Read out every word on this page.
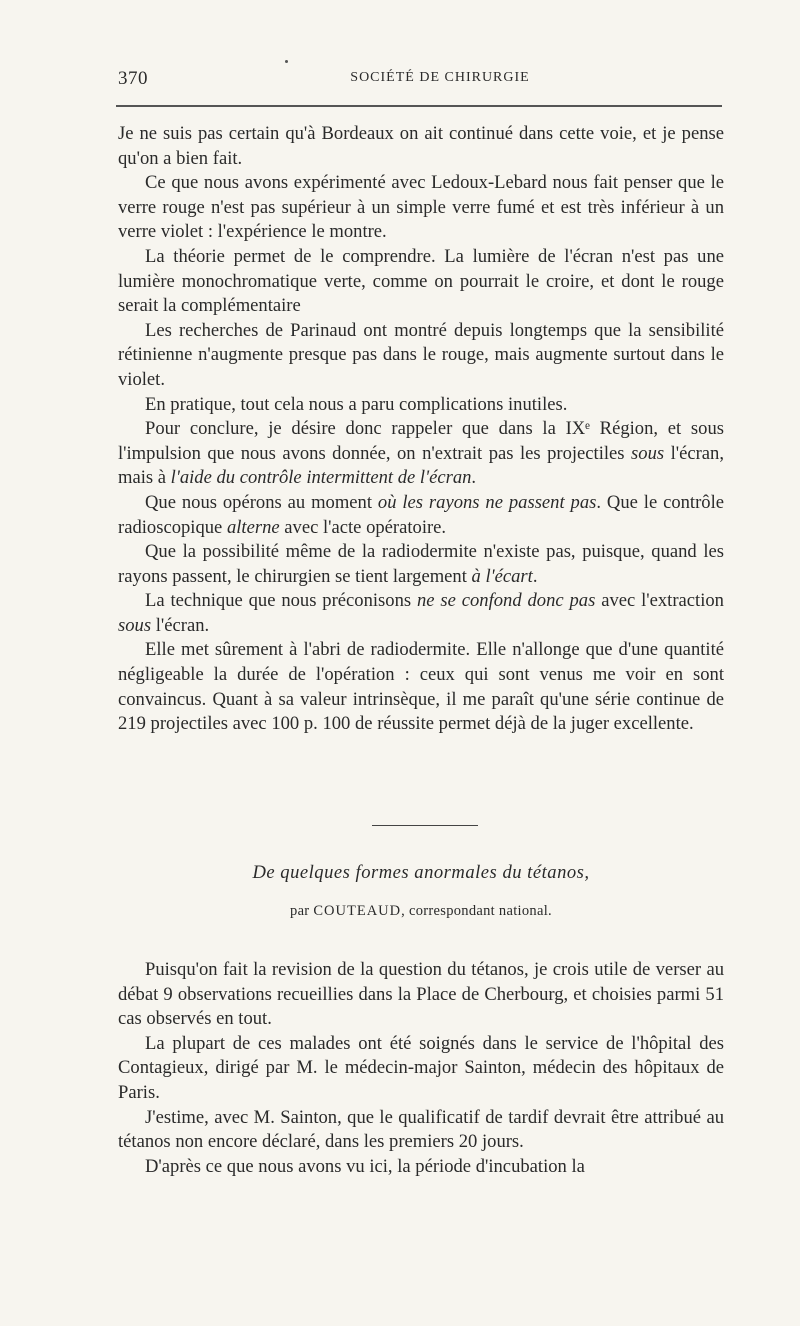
370	SOCIÉTÉ DE CHIRURGIE

Je ne suis pas certain qu'à Bordeaux on ait continué dans cette voie, et je pense qu'on a bien fait.

Ce que nous avons expérimenté avec Ledoux-Lebard nous fait penser que le verre rouge n'est pas supérieur à un simple verre fumé et est très inférieur à un verre violet : l'expérience le montre.

La théorie permet de le comprendre. La lumière de l'écran n'est pas une lumière monochromatique verte, comme on pourrait le croire, et dont le rouge serait la complémentaire

Les recherches de Parinaud ont montré depuis longtemps que la sensibilité rétinienne n'augmente presque pas dans le rouge, mais augmente surtout dans le violet.

En pratique, tout cela nous a paru complications inutiles.

Pour conclure, je désire donc rappeler que dans la IXᵉ Région, et sous l'impulsion que nous avons donnée, on n'extrait pas les projectiles sous l'écran, mais à l'aide du contrôle intermittent de l'écran.

Que nous opérons au moment où les rayons ne passent pas. Que le contrôle radioscopique alterne avec l'acte opératoire.

Que la possibilité même de la radiodermite n'existe pas, puisque, quand les rayons passent, le chirurgien se tient largement à l'écart.

La technique que nous préconisons ne se confond donc pas avec l'extraction sous l'écran.

Elle met sûrement à l'abri de radiodermite. Elle n'allonge que d'une quantité négligeable la durée de l'opération : ceux qui sont venus me voir en sont convaincus. Quant à sa valeur intrinsèque, il me paraît qu'une série continue de 219 projectiles avec 100 p. 100 de réussite permet déjà de la juger excellente.

De quelques formes anormales du tétanos,
par COUTEAUD, correspondant national.

Puisqu'on fait la revision de la question du tétanos, je crois utile de verser au débat 9 observations recueillies dans la Place de Cherbourg, et choisies parmi 51 cas observés en tout.

La plupart de ces malades ont été soignés dans le service de l'hôpital des Contagieux, dirigé par M. le médecin-major Sainton, médecin des hôpitaux de Paris.

J'estime, avec M. Sainton, que le qualificatif de tardif devrait être attribué au tétanos non encore déclaré, dans les premiers 20 jours.

D'après ce que nous avons vu ici, la période d'incubation la
